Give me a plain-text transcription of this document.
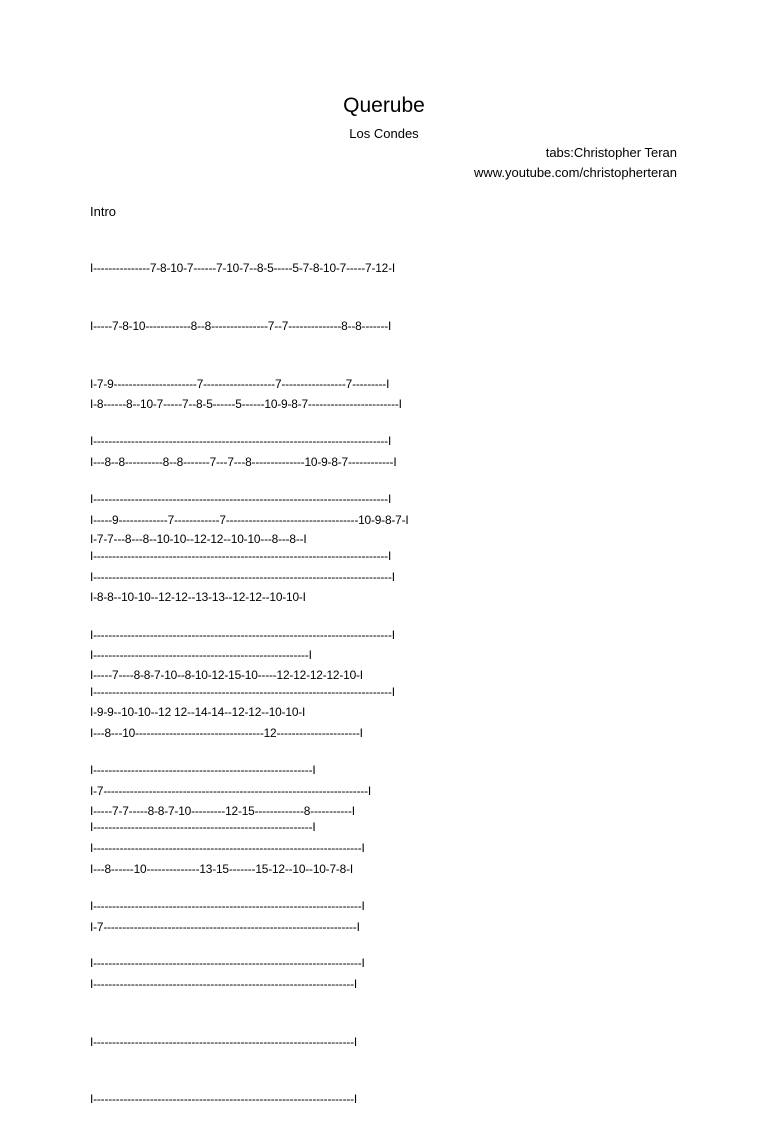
Querube
Los Condes
tabs:Christopher Teran
www.youtube.com/christopherteran
Intro

I---------------7-8-10-7------7-10-7--8-5-----5-7-8-10-7-----7-12-I

I-----7-8-10------------8--8---------------7--7--------------8--8-------I

I-7-9----------------------7-------------------7-----------------7---------I

I------------------------------------------------------------------------------I

I------------------------------------------------------------------------------I

I------------------------------------------------------------------------------I

I-8------8--10-7-----7--8-5------5------10-9-8-7------------------------I

I---8--8----------8--8-------7---7---8--------------10-9-8-7------------I

I-----9-------------7------------7-----------------------------------10-9-8-7-I

I-------------------------------------------------------------------------------I

I-------------------------------------------------------------------------------I

I-------------------------------------------------------------------------------I

I-7-7---8---8--10-10--12-12--10-10---8---8--I

I-8-8--10-10--12-12--13-13--12-12--10-10-I

I---------------------------------------------------------I

I-9-9--10-10--12 12--14-14--12-12--10-10-I

I----------------------------------------------------------I

I----------------------------------------------------------I

I-----7----8-8-7-10--8-10-12-15-10-----12-12-12-12-10-I

I---8---10----------------------------------12----------------------I

I-7----------------------------------------------------------------------I

I-----------------------------------------------------------------------I

I-----------------------------------------------------------------------I

I-----------------------------------------------------------------------I

I-----7-7-----8-8-7-10---------12-15-------------8-----------I

I---8------10--------------13-15-------15-12--10--10-7-8-I

I-7-------------------------------------------------------------------I

I---------------------------------------------------------------------I

I---------------------------------------------------------------------I

I---------------------------------------------------------------------I
